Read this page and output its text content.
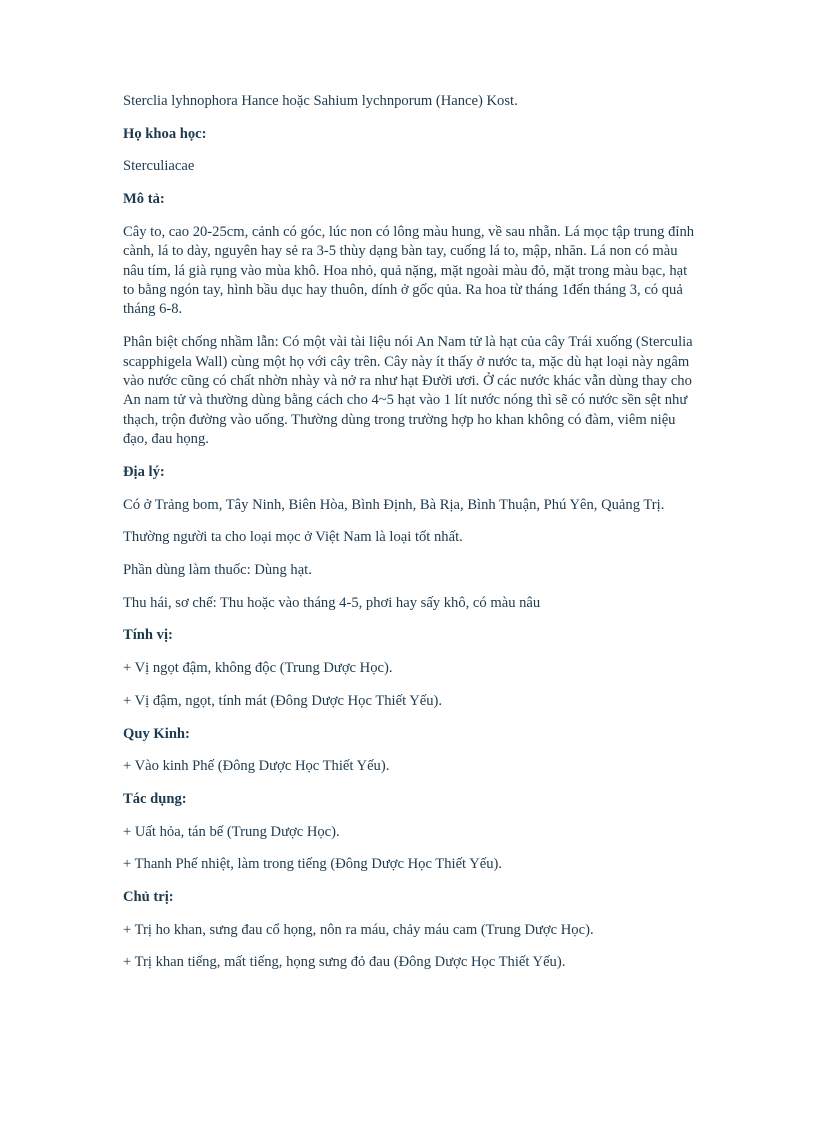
Sterclia lyhnophora Hance hoặc Sahium lychnporum (Hance) Kost.

Họ khoa học:

Sterculiacae

Mô tả:

Cây to, cao 20-25cm, cảnh có góc, lúc non có lông màu hung, về sau nhẵn. Lá mọc tập trung đỉnh cành, lá to dày, nguyên hay sẻ ra 3-5 thùy dạng bàn tay, cuống lá to, mập, nhăn. Lá non có màu nâu tím, lá già rụng vào mùa khô. Hoa nhỏ, quả nặng, mặt ngoài màu đỏ, mặt trong màu bạc, hạt to bằng ngón tay, hình bầu dục hay thuôn, dính ở gốc qủa. Ra hoa từ tháng 1đến tháng 3, có quả tháng 6-8.

Phân biệt chống nhầm lẫn: Có một vài tài liệu nói An Nam tử là hạt của cây Trái xuống (Sterculia scapphigela Wall) cùng một họ với cây trên. Cây này ít thấy ở nước ta, mặc dù hạt loại này ngâm vào nước cũng có chất nhờn nhày và nở ra như hạt Đười ươi. Ở các nước khác vẫn dùng thay cho An nam tử và thường dùng bằng cách cho 4~5 hạt vào 1 lít nước nóng thì sẽ có nước sền sệt như thạch, trộn đường vào uống. Thường dùng trong trường hợp ho khan không có đàm, viêm niệu đạo, đau họng.

Địa lý:

Có ở Trảng bom, Tây Ninh, Biên Hòa, Bình Định, Bà Rịa, Bình Thuận, Phú Yên, Quảng Trị.

Thường người ta cho loại mọc ở Việt Nam là loại tốt nhất.

Phần dùng làm thuốc: Dùng hạt.

Thu hái, sơ chế: Thu hoặc vào tháng 4-5, phơi hay sấy khô, có màu nâu

Tính vị:

+ Vị ngọt đậm, không độc (Trung Dược Học).

+ Vị đậm, ngọt, tính mát (Đông Dược Học Thiết Yếu).

Quy Kinh:

+ Vào kinh Phế (Đông Dược Học Thiết Yếu).

Tác dụng:

+ Uất hỏa, tán bế (Trung Dược Học).

+ Thanh Phế nhiệt, làm trong tiếng (Đông Dược Học Thiết Yếu).

Chủ trị:

+ Trị ho khan, sưng đau cổ họng, nôn ra máu, chảy máu cam (Trung Dược Học).

+ Trị khan tiếng, mất tiếng, họng sưng đỏ đau (Đông Dược Học Thiết Yếu).
